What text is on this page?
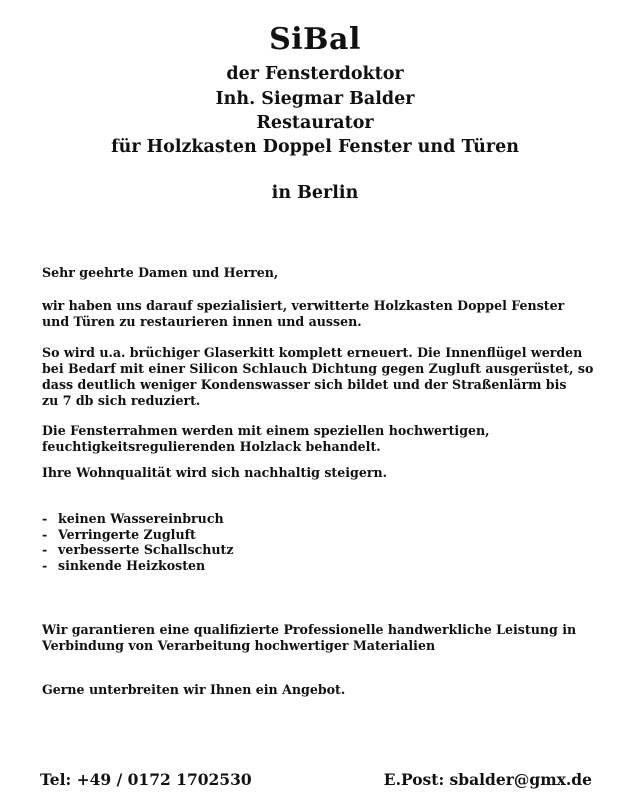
SiBal
der Fensterdoktor
Inh. Siegmar Balder
Restaurator
für Holzkasten Doppel Fenster und Türen
in Berlin
Sehr geehrte Damen und Herren,
wir haben uns darauf spezialisiert, verwitterte Holzkasten Doppel Fenster
und Türen zu restaurieren innen und aussen.
So wird u.a. brüchiger Glaserkitt komplett erneuert. Die Innenflügel werden
bei Bedarf mit einer Silicon Schlauch Dichtung gegen Zugluft ausgerüstet, so
dass deutlich weniger Kondenswasser sich bildet und der Straßenlärm bis
zu 7 db sich reduziert.
Die Fensterrahmen werden mit einem speziellen hochwertigen,
feuchtigkeitsregulierenden Holzlack behandelt.
Ihre Wohnqualität wird sich nachhaltig steigern.
- keinen Wassereinbruch
- Verringerte Zugluft
- verbesserte Schallschutz
- sinkende Heizkosten
Wir garantieren eine qualifizierte Professionelle handwerkliche Leistung in
Verbindung von Verarbeitung hochwertiger Materialien
Gerne unterbreiten wir Ihnen ein Angebot.
Tel: +49 / 0172 1702530	E.Post: sbalder@gmx.de
